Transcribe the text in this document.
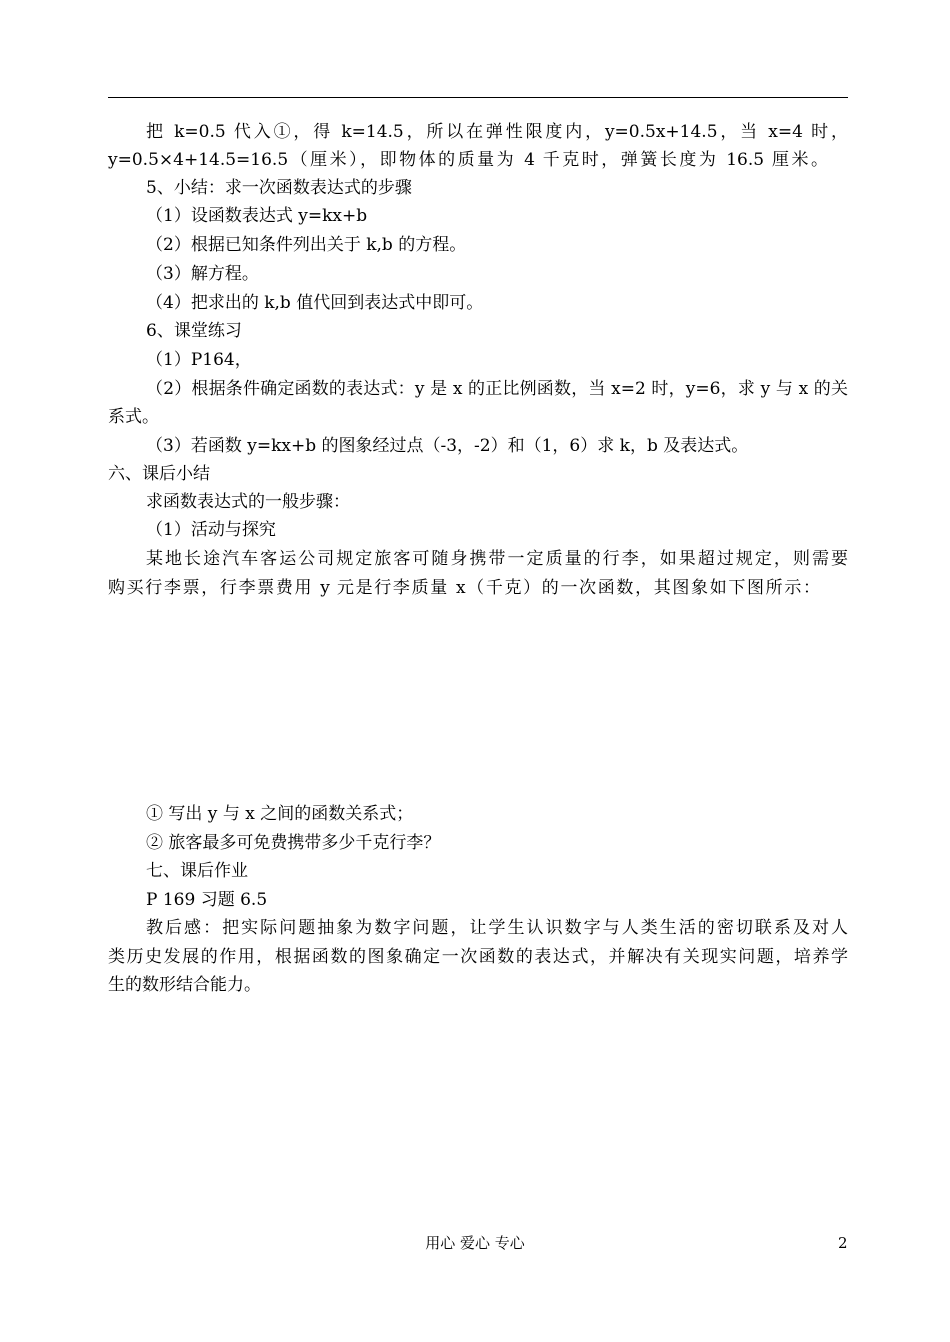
把 k=0.5 代入①，得 k=14.5，所以在弹性限度内，y=0.5x+14.5，当 x=4 时，
y=0.5×4+14.5=16.5（厘米），即物体的质量为 4 千克时，弹簧长度为 16.5 厘米。
5、小结：求一次函数表达式的步骤
（1）设函数表达式 y=kx+b
（2）根据已知条件列出关于 k,b 的方程。
（3）解方程。
（4）把求出的 k,b 值代回到表达式中即可。
6、课堂练习
（1）P164，
（2）根据条件确定函数的表达式：y 是 x 的正比例函数，当 x=2 时，y=6，求 y 与 x 的关
系式。
（3）若函数 y=kx+b 的图象经过点（-3，-2）和（1，6）求 k，b 及表达式。
六、课后小结
求函数表达式的一般步骤：
（1）活动与探究
某地长途汽车客运公司规定旅客可随身携带一定质量的行李，如果超过规定，则需要
购买行李票，行李票费用 y 元是行李质量 x（千克）的一次函数，其图象如下图所示：
① 写出 y 与 x 之间的函数关系式；
② 旅客最多可免费携带多少千克行李？
七、课后作业
P 169 习题 6.5
教后感：把实际问题抽象为数字问题，让学生认识数字与人类生活的密切联系及对人
类历史发展的作用，根据函数的图象确定一次函数的表达式，并解决有关现实问题，培养学
生的数形结合能力。
用心 爱心 专心	2
